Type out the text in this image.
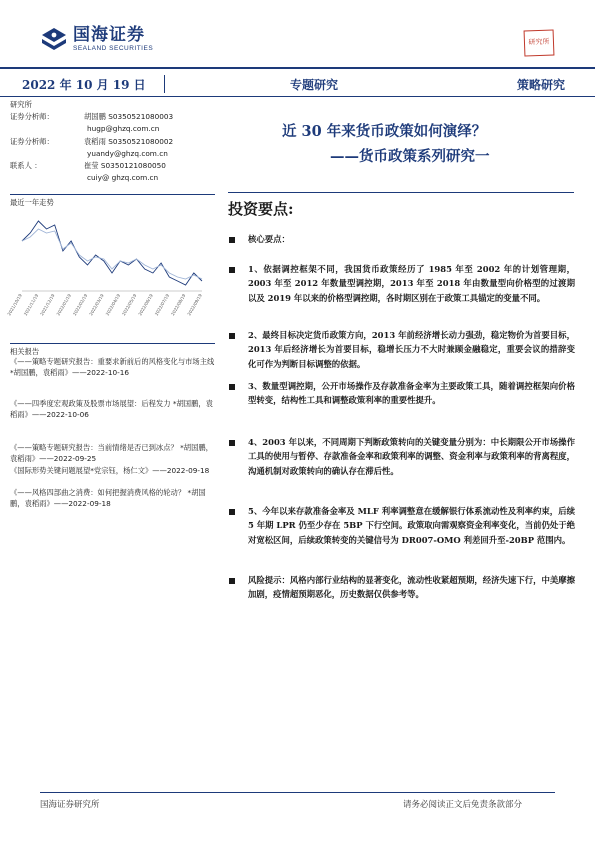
国海证券
SEALAND SECURITIES
研究所
2022 年 10 月 19 日	专题研究	策略研究
研究所
证券分析师：	胡国鹏 S0350521080003
hugp@ghzq.com.cn
证券分析师：	袁稻雨 S0350521080002
yuandy@ghzq.com.cn
联系人 ：	崔莹 S0350121080050
cuiy@ ghzq.com.cn
最近一年走势
2021/10/19 2021/11/19 2021/12/19 2022/01/19 2022/02/19 2022/03/19 2022/04/19 2022/05/19 2022/06/19 2022/07/19 2022/08/19 2022/09/19
相关报告
《——策略专题研究报告：重要求新前后的风格变化与市场主线 *胡国鹏，袁稻雨》——2022-10-16
《——四季度宏观政策及股票市场展望：后程发力 *胡国鹏，袁稻雨》——2022-10-06
《——策略专题研究报告：当前情绪是否已到冰点？ *胡国鹏，袁稻雨》——2022-09-25
《国际形势关键问题展望*党宗钰，杨仁文》——2022-09-18
《——风格四部曲之消费：如何把握消费风格的轮动？ *胡国鹏，袁稻雨》——2022-09-18
近 30 年来货币政策如何演绎？
——货币政策系列研究一
投资要点:
核心要点：
1、依据调控框架不同，我国货币政策经历了 1985 年至 2002 年的计划管理期，2003 年至 2012 年数量型调控期，2013 年至 2018 年由数量型向价格型的过渡期以及 2019 年以来的价格型调控期，各时期区别在于政策工具锚定的变量不同。
2、最终目标决定货币政策方向，2013 年前经济增长动力强劲，稳定物价为首要目标，2013 年后经济增长为首要目标，稳增长压力不大时兼顾金融稳定，重要会议的措辞变化可作为判断目标调整的依据。
3、数量型调控期，公开市场操作及存款准备金率为主要政策工具，随着调控框架向价格型转变，结构性工具和调整政策利率的重要性提升。
4、2003 年以来，不同周期下判断政策转向的关键变量分别为：中长期限公开市场操作工具的使用与暂停、存款准备金率和政策利率的调整、资金利率与政策利率的背离程度，沟通机制对政策转向的确认存在滞后性。
5、今年以来存款准备金率及 MLF 利率调整意在缓解银行体系流动性及利率约束，后续 5 年期 LPR 仍至少存在 5BP 下行空间。政策取向需观察资金利率变化，当前仍处于绝对宽松区间，后续政策转变的关键信号为 DR007-OMO 利差回升至-20BP 范围内。
风险提示：风格内部行业结构的显著变化，流动性收紧超预期，经济失速下行，中美摩擦加剧，疫情超预期恶化，历史数据仅供参考等。
国海证券研究所	请务必阅读正文后免责条款部分
